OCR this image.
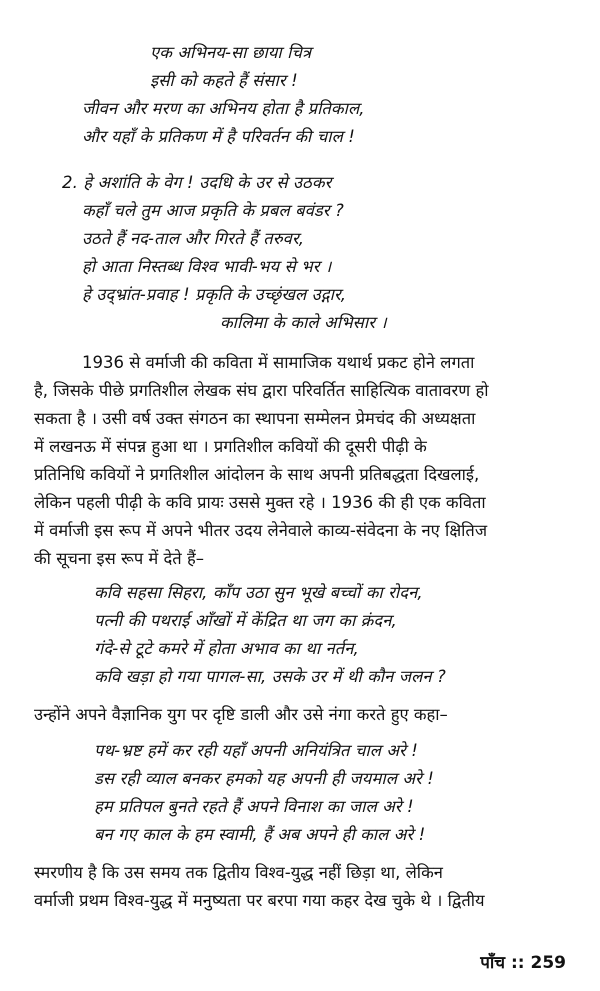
एक अभिनय-सा छाया चित्र
इसी को कहते हैं संसार !
जीवन और मरण का अभिनय होता है प्रतिकाल,
और यहाँ के प्रतिकण में है परिवर्तन की चाल !
2. हे अशांति के वेग ! उदधि के उर से उठकर
कहाँ चले तुम आज प्रकृति के प्रबल बवंडर ?
उठते हैं नद-ताल और गिरते हैं तरुवर,
हो आता निस्तब्ध विश्व भावी-भय से भर ।
हे उद्भ्रांत-प्रवाह ! प्रकृति के उच्छृंखल उद्गार,
कालिमा के काले अभिसार ।
1936 से वर्माजी की कविता में सामाजिक यथार्थ प्रकट होने लगता
है, जिसके पीछे प्रगतिशील लेखक संघ द्वारा परिवर्तित साहित्यिक वातावरण हो
सकता है । उसी वर्ष उक्त संगठन का स्थापना सम्मेलन प्रेमचंद की अध्यक्षता
में लखनऊ में संपन्न हुआ था । प्रगतिशील कवियों की दूसरी पीढ़ी के
प्रतिनिधि कवियों ने प्रगतिशील आंदोलन के साथ अपनी प्रतिबद्धता दिखलाई,
लेकिन पहली पीढ़ी के कवि प्रायः उससे मुक्त रहे । 1936 की ही एक कविता
में वर्माजी इस रूप में अपने भीतर उदय लेनेवाले काव्य-संवेदना के नए क्षितिज
की सूचना इस रूप में देते हैं–
कवि सहसा सिहरा, काँप उठा सुन भूखे बच्चों का रोदन,
पत्नी की पथराई आँखों में केंद्रित था जग का क्रंदन,
गंदे-से टूटे कमरे में होता अभाव का था नर्तन,
कवि खड़ा हो गया पागल-सा, उसके उर में थी कौन जलन ?
उन्होंने अपने वैज्ञानिक युग पर दृष्टि डाली और उसे नंगा करते हुए कहा–
पथ-भ्रष्ट हमें कर रही यहाँ अपनी अनियंत्रित चाल अरे !
डस रही व्याल बनकर हमको यह अपनी ही जयमाल अरे !
हम प्रतिपल बुनते रहते हैं अपने विनाश का जाल अरे !
बन गए काल के हम स्वामी, हैं अब अपने ही काल अरे !
स्मरणीय है कि उस समय तक द्वितीय विश्व-युद्ध नहीं छिड़ा था, लेकिन
वर्माजी प्रथम विश्व-युद्ध में मनुष्यता पर बरपा गया कहर देख चुके थे । द्वितीय
पाँच :: 259
